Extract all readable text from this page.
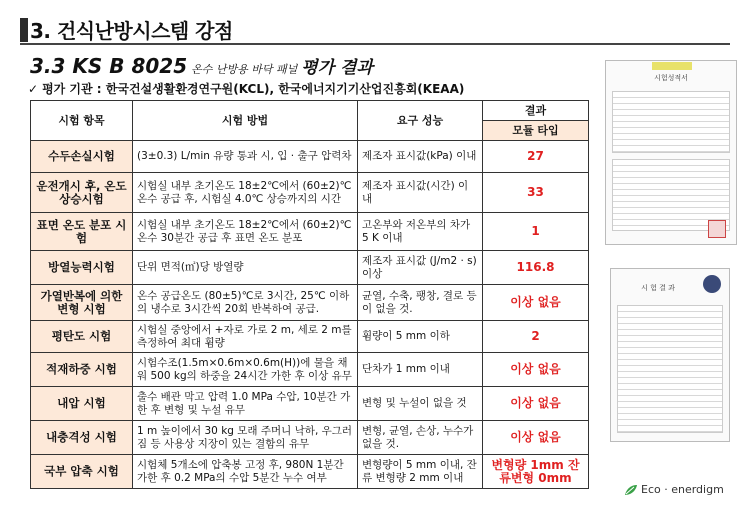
3. 건식난방시스템 강점
3.3 KS B 8025 온수 난방용 바닥 패널 평가 결과
✓ 평가 기관 : 한국건설생활환경연구원(KCL), 한국에너지기기산업진흥회(KEAA)
시험 항목	시험 방법	요구 성능	결과
			모듈 타입
수두손실시험	(3±0.3) L/min 유량 통과 시, 입 · 출구 압력차	제조자 표시값(kPa) 이내	27
운전개시 후, 온도 상승시험	시험실 내부 초기온도 18±2℃에서 (60±2)℃ 온수 공급 후, 시험실 4.0℃ 상승까지의 시간	제조자 표시값(시간) 이내	33
표면 온도 분포 시험	시험실 내부 초기온도 18±2℃에서 (60±2)℃ 온수 30분간 공급 후 표면 온도 분포	고온부와 저온부의 차가 5 K 이내	1
방열능력시험	단위 면적(㎡)당 방열량	제조자 표시값 (J/m2 · s) 이상	116.8
가열반복에 의한 변형 시험	온수 공급온도 (80±5)℃로 3시간, 25℃ 이하의 냉수로 3시간씩 20회 반복하여 공급.	균열, 수축, 팽창, 결로 등이 없을 것.	이상 없음
평탄도 시험	시험실 중앙에서 +자로 가로 2 m, 세로 2 m를 측정하여 최대 휨량	휨량이 5 mm 이하	2
적재하중 시험	시험수조(1.5m×0.6m×0.6m(H))에 물을 채워 500 kg의 하중을 24시간 가한 후 이상 유무	단차가 1 mm 이내	이상 없음
내압 시험	출수 배관 막고 압력 1.0 MPa 수압, 10분간 가한 후 변형 및 누설 유무	변형 및 누설이 없을 것	이상 없음
내충격성 시험	1 m 높이에서 30 kg 모래 주머니 낙하, 우그러짐 등 사용상 지장이 있는 결함의 유무	변형, 균열, 손상, 누수가 없을 것.	이상 없음
국부 압축 시험	시험체 5개소에 압축봉 고정 후, 980N 1분간 가한 후 0.2 MPa의 수압 5분간 누수 여부	변형량이 5 mm 이내, 잔류 변형량 2 mm 이내	변형량 1mm 잔류변형 0mm
시험성적서
시 험 결 과
Eco · enerdigm
